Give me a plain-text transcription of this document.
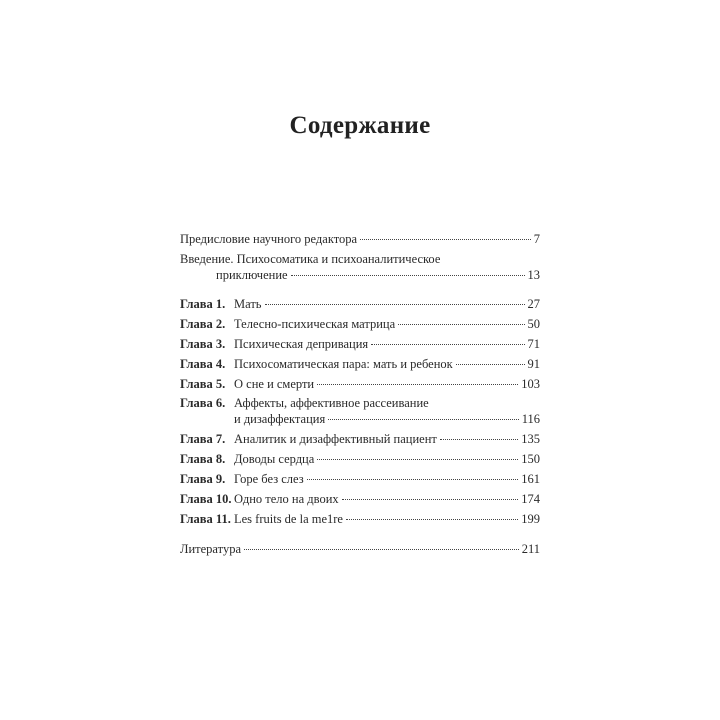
Содержание
Предисловие научного редактора	7
Введение. Психосоматика и психоаналитическое
приключение	13
Глава 1. Мать	27
Глава 2. Телесно-психическая матрица	50
Глава 3. Психическая депривация	71
Глава 4. Психосоматическая пара: мать и ребенок	91
Глава 5. О сне и смерти	103
Глава 6. Аффекты, аффективное рассеивание
и дизаффектация	116
Глава 7. Аналитик и дизаффективный пациент	135
Глава 8. Доводы сердца	150
Глава 9. Горе без слез	161
Глава 10. Одно тело на двоих	174
Глава 11. Les fruits de la me1re	199
Литература	211
